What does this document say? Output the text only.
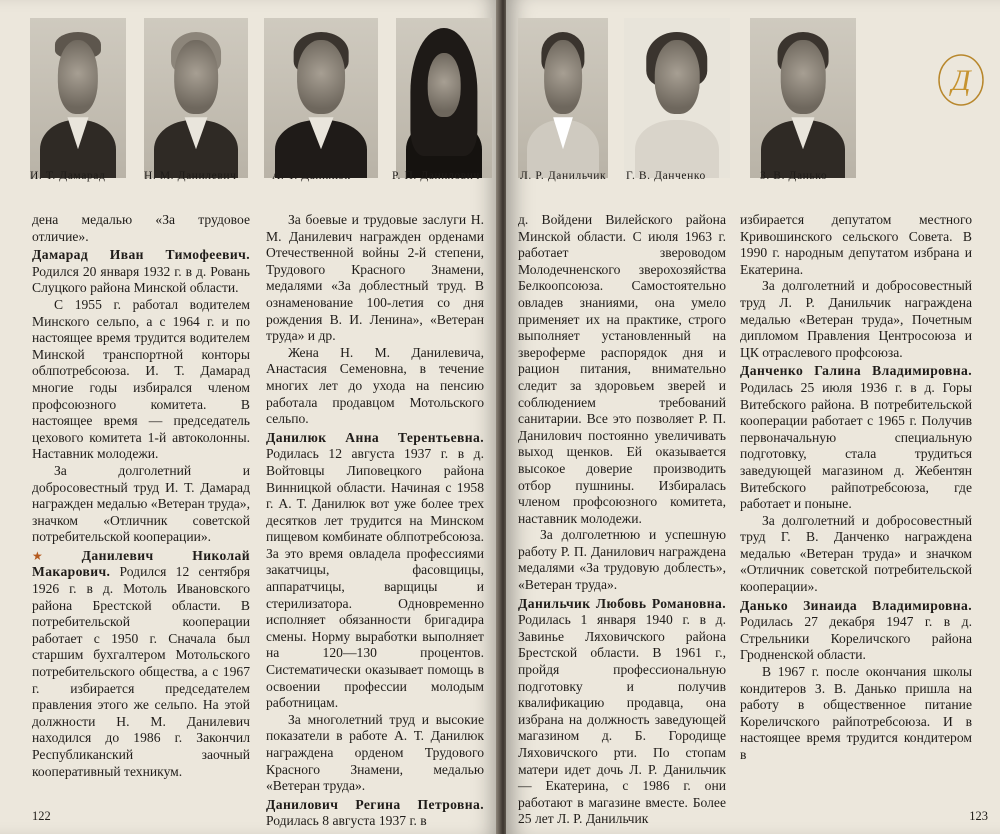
И. Т. Дамарад	Н. М. Данилевич	А. Т. Данилюк	Р. П. Данилович

дена медалью «За трудовое отличие».

Дамарад Иван Тимофеевич. Родился 20 января 1932 г. в д. Ровань Слуцкого района Минской области.

С 1955 г. работал водителем Минского сельпо, а с 1964 г. и по настоящее время трудится водителем Минской транспортной конторы облпотребсоюза. И. Т. Дамарад многие годы избирался членом профсоюзного комитета. В настоящее время — председатель цехового комитета 1-й автоколонны. Наставник молодежи.

За долголетний и добросовестный труд И. Т. Дамарад награжден медалью «Ветеран труда», значком «Отличник советской потребительской кооперации».

★ Данилевич Николай Макарович. Родился 12 сентября 1926 г. в д. Мотоль Ивановского района Брестской области. В потребительской кооперации работает с 1950 г. Сначала был старшим бухгалтером Мотольского потребительского общества, а с 1967 г. избирается председателем правления этого же сельпо. На этой должности Н. М. Данилевич находился до 1986 г. Закончил Республиканский заочный кооперативный техникум.

За боевые и трудовые заслуги Н. М. Данилевич награжден орденами Отечественной войны 2-й степени, Трудового Красного Знамени, медалями «За доблестный труд. В ознаменование 100-летия со дня рождения В. И. Ленина», «Ветеран труда» и др.

Жена Н. М. Данилевича, Анастасия Семеновна, в течение многих лет до ухода на пенсию работала продавцом Мотольского сельпо.

Данилюк Анна Терентьевна. Родилась 12 августа 1937 г. в д. Войтовцы Липовецкого района Винницкой области. Начиная с 1958 г. А. Т. Данилюк вот уже более трех десятков лет трудится на Минском пищевом комбинате облпотребсоюза. За это время овладела профессиями закатчицы, фасовщицы, аппаратчицы, варщицы и стерилизатора. Одновременно исполняет обязанности бригадира смены. Норму выработки выполняет на 120—130 процентов. Систематически оказывает помощь в освоении профессии молодым работницам.

За многолетний труд и высокие показатели в работе А. Т. Данилюк награждена орденом Трудового Красного Знамени, медалью «Ветеран труда».

Данилович Регина Петровна. Родилась 8 августа 1937 г. в

122
Л. Р. Данильчик Г. В. Данченко	З. В. Данько
Д

д. Войдени Вилейского района Минской области. С июля 1963 г. работает зверoводом Молодечненского зверохозяйства Белкоопсоюза. Самостоятельно овладев знаниями, она умело применяет их на практике, строго выполняет установленный на звероферме распорядок дня и рацион питания, внимательно следит за здоровьем зверей и соблюдением требований санитарии. Все это позволяет Р. П. Данилович постоянно увеличивать выход щенков. Ей оказывается высокое доверие производить отбор пушнины. Избиралась членом профсоюзного комитета, наставник молодежи.

За долголетнюю и успешную работу Р. П. Данилович награждена медалями «За трудовую доблесть», «Ветеран труда».

Данильчик Любовь Романовна. Родилась 1 января 1940 г. в д. Завинье Ляховичского района Брестской области. В 1961 г., пройдя профессиональную подготовку и получив квалификацию продавца, она избрана на должность заведующей магазином д. Б. Городище Ляховичского рти. По стопам матери идет дочь Л. Р. Данильчик — Екатерина, с 1986 г. они работают в магазине вместе. Более 25 лет Л. Р. Данильчик

избирается депутатом местного Кривошинского сельского Совета. В 1990 г. народным депутатом избрана и Екатерина.

За долголетний и добросовестный труд Л. Р. Данильчик награждена медалью «Ветеран труда», Почетным дипломом Правления Центросоюза и ЦК отраслевого профсоюза.

Данченко Галина Владимировна. Родилась 25 июля 1936 г. в д. Горы Витебского района. В потребительской кооперации работает с 1965 г. Получив первоначальную специальную подготовку, стала трудиться заведующей магазином д. Жебентян Витебского райпотребсоюза, где работает и поныне.

За долголетний и добросовестный труд Г. В. Данченко награждена медалью «Ветеран труда» и значком «Отличник советской потребительской кооперации».

Данько Зинаида Владимировна. Родилась 27 декабря 1947 г. в д. Стрельники Кореличского района Гродненской области.

В 1967 г. после окончания школы кондитеров З. В. Данько пришла на работу в общественное питание Кореличского райпотребсоюза. И в настоящее время трудится кондитером в

123
